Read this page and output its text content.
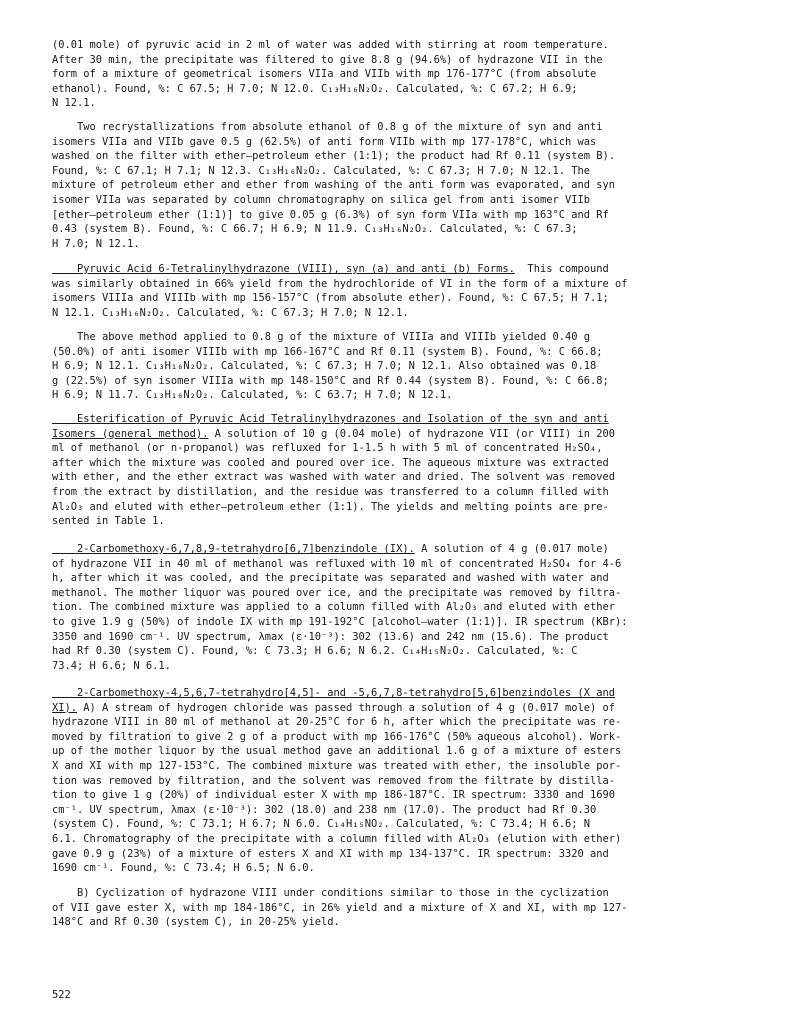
(0.01 mole) of pyruvic acid in 2 ml of water was added with stirring at room temperature.
After 30 min, the precipitate was filtered to give 8.8 g (94.6%) of hydrazone VII in the
form of a mixture of geometrical isomers VIIa and VIIb with mp 176-177°C (from absolute
ethanol). Found, %: C 67.5; H 7.0; N 12.0. C₁₃H₁₆N₂O₂. Calculated, %: C 67.2; H 6.9;
N 12.1.
Two recrystallizations from absolute ethanol of 0.8 g of the mixture of syn and anti
isomers VIIa and VIIb gave 0.5 g (62.5%) of anti form VIIb with mp 177-178°C, which was
washed on the filter with ether—petroleum ether (1:1); the product had Rf 0.11 (system B).
Found, %: C 67.1; H 7.1; N 12.3. C₁₃H₁₆N₂O₂. Calculated, %: C 67.3; H 7.0; N 12.1. The
mixture of petroleum ether and ether from washing of the anti form was evaporated, and syn
isomer VIIa was separated by column chromatography on silica gel from anti isomer VIIb
[ether—petroleum ether (1:1)] to give 0.05 g (6.3%) of syn form VIIa with mp 163°C and Rf
0.43 (system B). Found, %: C 66.7; H 6.9; N 11.9. C₁₃H₁₆N₂O₂. Calculated, %: C 67.3;
H 7.0; N 12.1.
Pyruvic Acid 6-Tetralinylhydrazone (VIII), syn (a) and anti (b) Forms.  This compound
was similarly obtained in 66% yield from the hydrochloride of VI in the form of a mixture of
isomers VIIIa and VIIIb with mp 156-157°C (from absolute ether). Found, %: C 67.5; H 7.1;
N 12.1. C₁₃H₁₆N₂O₂. Calculated, %: C 67.3; H 7.0; N 12.1.
The above method applied to 0.8 g of the mixture of VIIIa and VIIIb yielded 0.40 g
(50.0%) of anti isomer VIIIb with mp 166-167°C and Rf 0.11 (system B). Found, %: C 66.8;
H 6.9; N 12.1. C₁₃H₁₆N₂O₂. Calculated, %: C 67.3; H 7.0; N 12.1. Also obtained was 0.18
g (22.5%) of syn isomer VIIIa with mp 148-150°C and Rf 0.44 (system B). Found, %: C 66.8;
H 6.9; N 11.7. C₁₃H₁₆N₂O₂. Calculated, %: C 63.7; H 7.0; N 12.1.
Esterification of Pyruvic Acid Tetralinylhydrazones and Isolation of the syn and anti
Isomers (general method). A solution of 10 g (0.04 mole) of hydrazone VII (or VIII) in 200
ml of methanol (or n-propanol) was refluxed for 1-1.5 h with 5 ml of concentrated H₂SO₄,
after which the mixture was cooled and poured over ice. The aqueous mixture was extracted
with ether, and the ether extract was washed with water and dried. The solvent was removed
from the extract by distillation, and the residue was transferred to a column filled with
Al₂O₃ and eluted with ether—petroleum ether (1:1). The yields and melting points are pre-
sented in Table 1.
2-Carbomethoxy-6,7,8,9-tetrahydro[6,7]benzindole (IX). A solution of 4 g (0.017 mole)
of hydrazone VII in 40 ml of methanol was refluxed with 10 ml of concentrated H₂SO₄ for 4-6
h, after which it was cooled, and the precipitate was separated and washed with water and
methanol. The mother liquor was poured over ice, and the precipitate was removed by filtra-
tion. The combined mixture was applied to a column filled with Al₂O₃ and eluted with ether
to give 1.9 g (50%) of indole IX with mp 191-192°C [alcohol—water (1:1)]. IR spectrum (KBr):
3350 and 1690 cm⁻¹. UV spectrum, λmax (ε·10⁻³): 302 (13.6) and 242 nm (15.6). The product
had Rf 0.30 (system C). Found, %: C 73.3; H 6.6; N 6.2. C₁₄H₁₅N₂O₂. Calculated, %: C
73.4; H 6.6; N 6.1.
2-Carbomethoxy-4,5,6,7-tetrahydro[4,5]- and -5,6,7,8-tetrahydro[5,6]benzindoles (X and
XI). A) A stream of hydrogen chloride was passed through a solution of 4 g (0.017 mole) of
hydrazone VIII in 80 ml of methanol at 20-25°C for 6 h, after which the precipitate was re-
moved by filtration to give 2 g of a product with mp 166-176°C (50% aqueous alcohol). Work-
up of the mother liquor by the usual method gave an additional 1.6 g of a mixture of esters
X and XI with mp 127-153°C. The combined mixture was treated with ether, the insoluble por-
tion was removed by filtration, and the solvent was removed from the filtrate by distilla-
tion to give 1 g (20%) of individual ester X with mp 186-187°C. IR spectrum: 3330 and 1690
cm⁻¹. UV spectrum, λmax (ε·10⁻³): 302 (18.0) and 238 nm (17.0). The product had Rf 0.30
(system C). Found, %: C 73.1; H 6.7; N 6.0. C₁₄H₁₅NO₂. Calculated, %: C 73.4; H 6.6; N
6.1. Chromatography of the precipitate with a column filled with Al₂O₃ (elution with ether)
gave 0.9 g (23%) of a mixture of esters X and XI with mp 134-137°C. IR spectrum: 3320 and
1690 cm⁻¹. Found, %: C 73.4; H 6.5; N 6.0.
B) Cyclization of hydrazone VIII under conditions similar to those in the cyclization
of VII gave ester X, with mp 184-186°C, in 26% yield and a mixture of X and XI, with mp 127-
148°C and Rf 0.30 (system C), in 20-25% yield.
522
